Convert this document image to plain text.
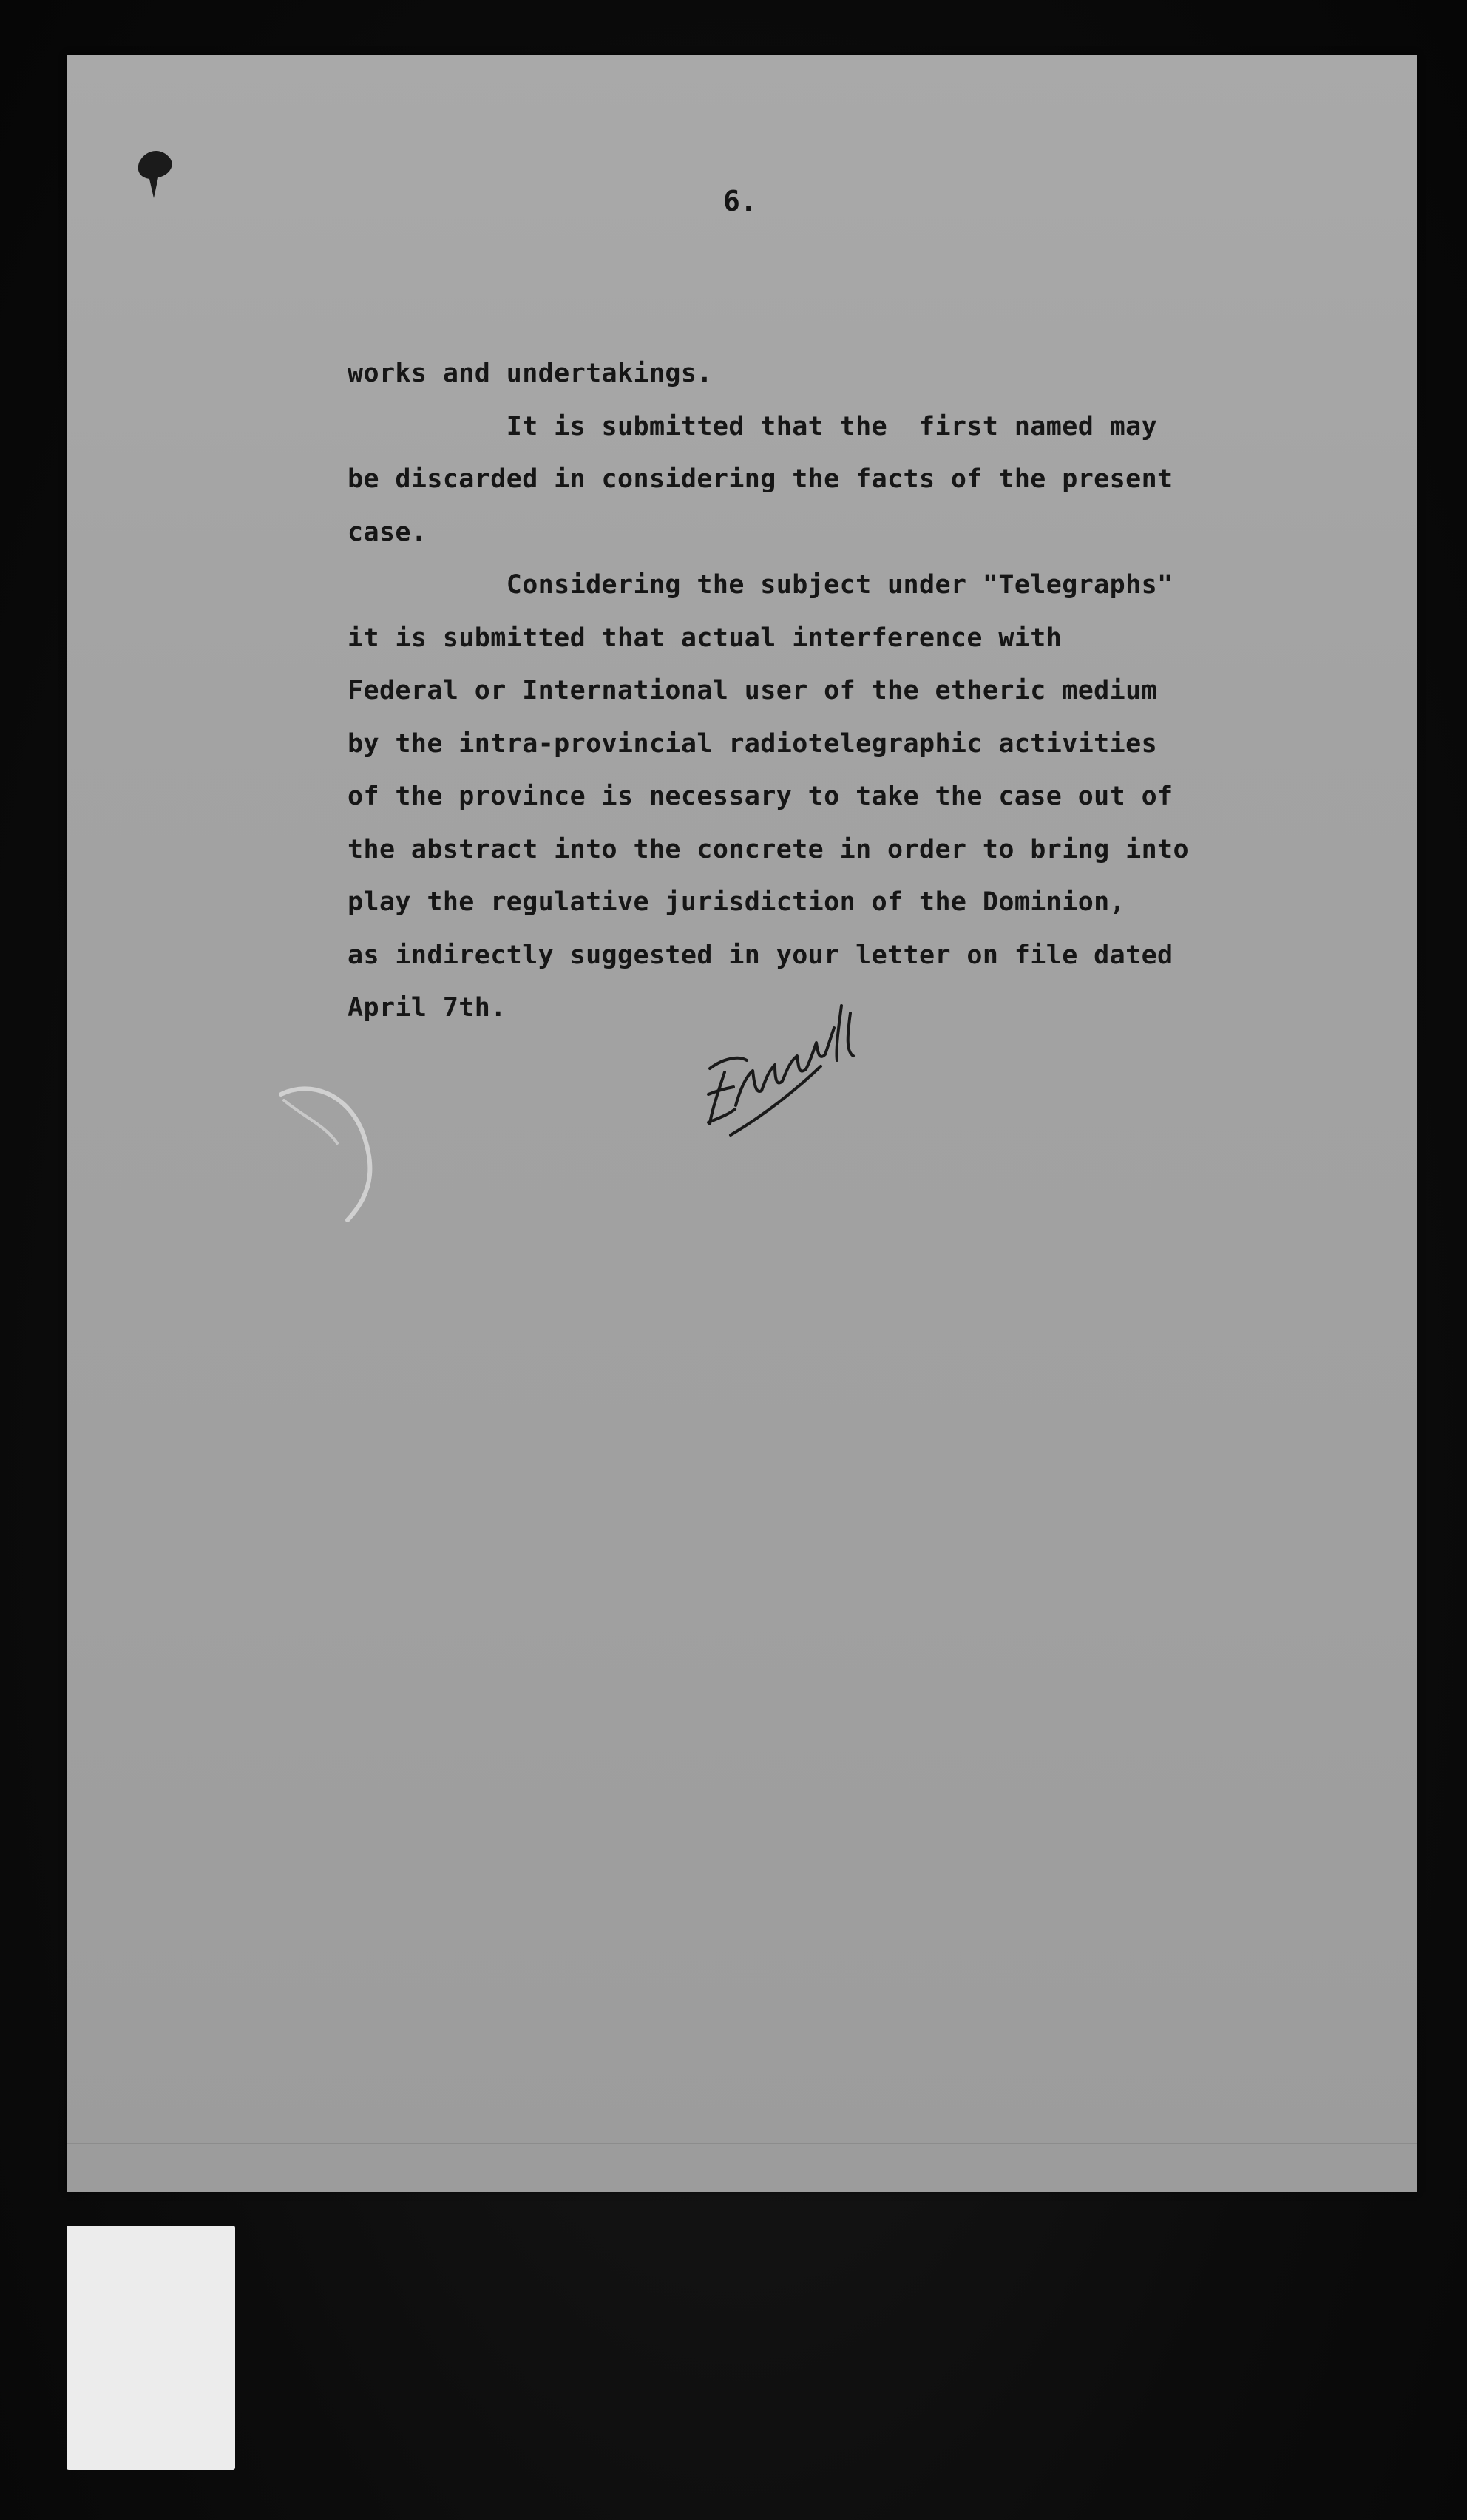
6.
works and undertakings.
It is submitted that the  first named may
be discarded in considering the facts of the present
case.
Considering the subject under "Telegraphs"
it is submitted that actual interference with
Federal or International user of the etheric medium
by the intra-provincial radiotelegraphic activities
of the province is necessary to take the case out of
the abstract into the concrete in order to bring into
play the regulative jurisdiction of the Dominion,
as indirectly suggested in your letter on file dated
April 7th.
